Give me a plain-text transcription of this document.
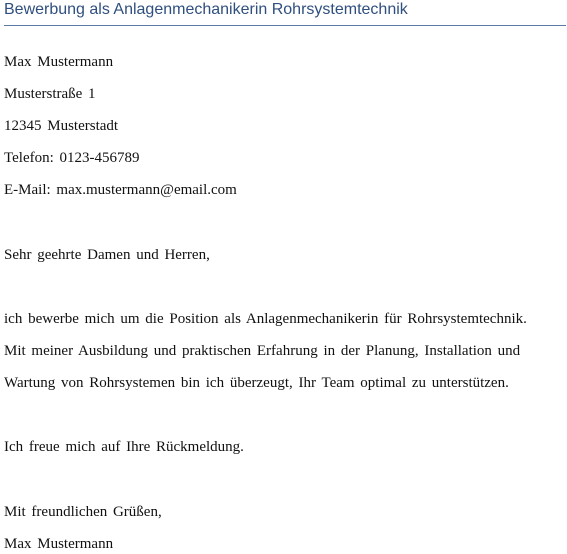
Bewerbung als Anlagenmechanikerin Rohrsystemtechnik
Max Mustermann
Musterstraße 1
12345 Musterstadt
Telefon: 0123-456789
E-Mail: max.mustermann@email.com
Sehr geehrte Damen und Herren,
ich bewerbe mich um die Position als Anlagenmechanikerin für Rohrsystemtechnik.
Mit meiner Ausbildung und praktischen Erfahrung in der Planung, Installation und
Wartung von Rohrsystemen bin ich überzeugt, Ihr Team optimal zu unterstützen.
Ich freue mich auf Ihre Rückmeldung.
Mit freundlichen Grüßen,
Max Mustermann
